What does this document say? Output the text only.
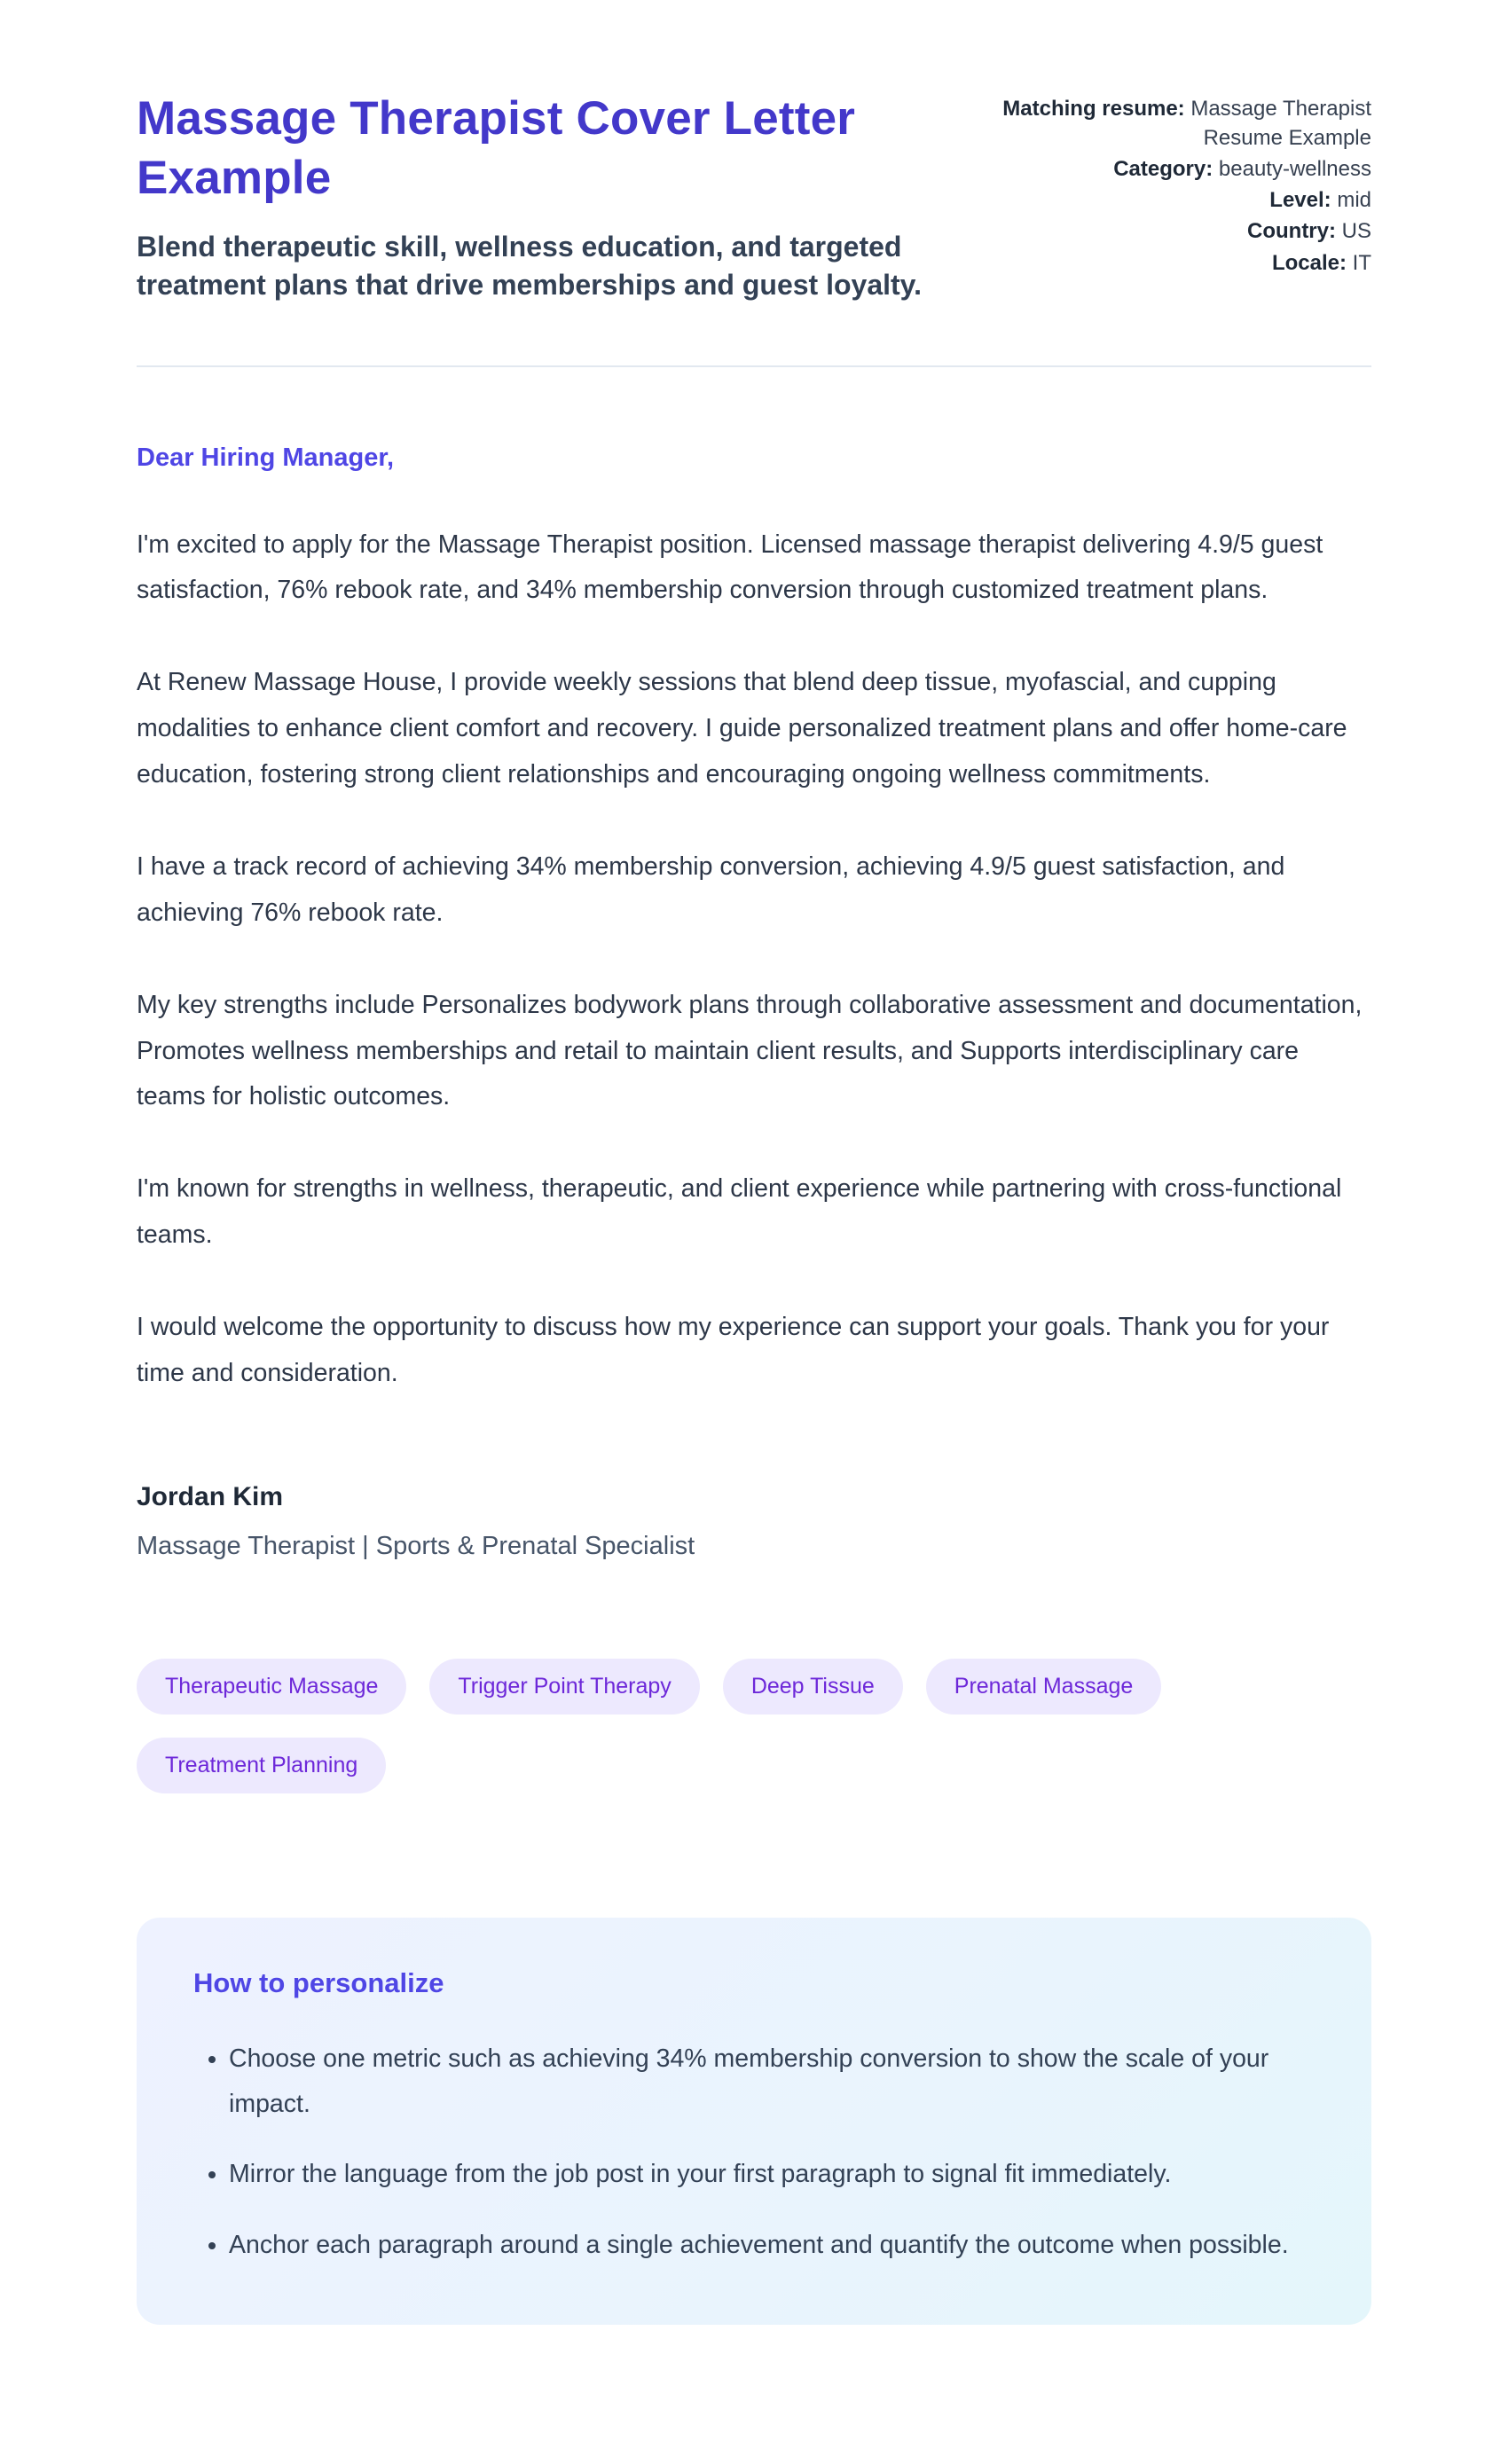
Massage Therapist Cover Letter Example
Blend therapeutic skill, wellness education, and targeted treatment plans that drive memberships and guest loyalty.
Matching resume: Massage Therapist Resume Example
Category: beauty-wellness
Level: mid
Country: US
Locale: IT
Dear Hiring Manager,

I'm excited to apply for the Massage Therapist position. Licensed massage therapist delivering 4.9/5 guest satisfaction, 76% rebook rate, and 34% membership conversion through customized treatment plans.

At Renew Massage House, I provide weekly sessions that blend deep tissue, myofascial, and cupping modalities to enhance client comfort and recovery. I guide personalized treatment plans and offer home-care education, fostering strong client relationships and encouraging ongoing wellness commitments.

I have a track record of achieving 34% membership conversion, achieving 4.9/5 guest satisfaction, and achieving 76% rebook rate.

My key strengths include Personalizes bodywork plans through collaborative assessment and documentation, Promotes wellness memberships and retail to maintain client results, and Supports interdisciplinary care teams for holistic outcomes.

I'm known for strengths in wellness, therapeutic, and client experience while partnering with cross-functional teams.

I would welcome the opportunity to discuss how my experience can support your goals. Thank you for your time and consideration.

Jordan Kim
Massage Therapist | Sports & Prenatal Specialist
Therapeutic Massage	Trigger Point Therapy	Deep Tissue	Prenatal Massage
Treatment Planning
How to personalize
• Choose one metric such as achieving 34% membership conversion to show the scale of your impact.
• Mirror the language from the job post in your first paragraph to signal fit immediately.
• Anchor each paragraph around a single achievement and quantify the outcome when possible.
